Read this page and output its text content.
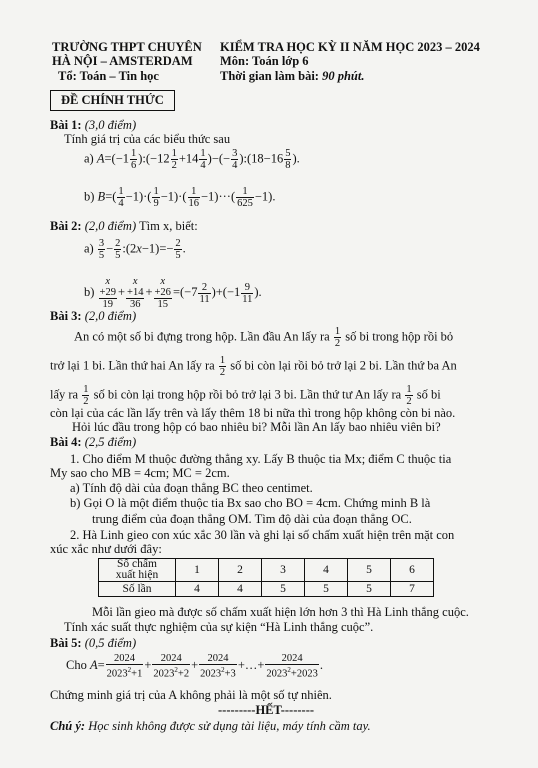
TRƯỜNG THPT CHUYÊN
HÀ NỘI – AMSTERDAM
Tổ: Toán – Tin học
KIỂM TRA HỌC KỲ II NĂM HỌC 2023 – 2024
Môn: Toán lớp 6
Thời gian làm bài: 90 phút.
ĐỀ CHÍNH THỨC
Bài 1: (3,0 điểm)
Tính giá trị của các biểu thức sau
a) $A=(-1 \frac{1}{6}$ ):(−12 $\frac{1}{2} +14 \frac{1}{4}$ )−(− $\frac{3}{4}$ ):(18−16 $\frac{5}{8}$ ).
b) $B=( \frac{1}{4} -1)\cdot( \frac{1}{9} -1)\cdot( \frac{1}{16} -1)\cdot\cdot\cdot( \frac{1}{625} -1)$.
Bài 2: (2,0 điểm) Tìm x, biết:
$a) \frac{3}{5} - \frac{2}{5}$ :(2x−1)=− $\frac{2}{5}$ .
b) x
+29
19 + x
+14
36 + x
+26
$15 =(-7 \frac{2}{11} )+(-1 \frac{9}{11}$ ).
Bài 3: (2,0 điểm)
An có một số bi đựng trong hộp. Lần đầu An lấy ra $\frac{1}{2}$ số bi trong hộp rồi bỏ
trở lại 1 bi. Lần thứ hai An lấy ra $\frac{1}{2}$ số bi còn lại rồi bỏ trở lại 2 bi. Lần thứ ba An
lấy ra $\frac{1}{2}$ số bi còn lại trong hộp rồi bỏ trở lại 3 bi. Lần thứ tư An lấy ra $\frac{1}{2}$ số bi
còn lại của các lần lấy trên và lấy thêm 18 bi nữa thì trong hộp không còn bi nào.
Hỏi lúc đầu trong hộp có bao nhiêu bi? Mỗi lần An lấy bao nhiêu viên bi?
Bài 4: (2,5 điểm)
1. Cho điểm M thuộc đường thẳng xy. Lấy B thuộc tia Mx; điểm C thuộc tia
My sao cho MB = 4cm; MC = 2cm.
a) Tính độ dài của đoạn thẳng BC theo centimet.
b) Gọi O là một điểm thuộc tia Bx sao cho BO = 4cm. Chứng minh B là
trung điểm của đoạn thẳng OM. Tìm độ dài của đoạn thẳng OC.
2. Hà Linh gieo con xúc xắc 30 lần và ghi lại số chấm xuất hiện trên mặt con
xúc xắc như dưới đây:
Số chấm
xuất hiện	1	2	3	4	5	6
Số lần	4	4	5	5	5	7
Mỗi lần gieo mà được số chấm xuất hiện lớn hơn 3 thì Hà Linh thắng cuộc.
Tính xác suất thực nghiệm của sự kiện “Hà Linh thắng cuộc”.
Bài 5: (0,5 điểm)
Cho $A= \frac{2024}{2023^2+1} + \frac{2024}{2023^2+2} + \frac{2024}{2023^2+3}$ +…+ $\frac{2024}{2023^2+2023}$ .
Chứng minh giá trị của A không phải là một số tự nhiên.
---------HẾT--------
Chú ý: Học sinh không được sử dụng tài liệu, máy tính cầm tay.
